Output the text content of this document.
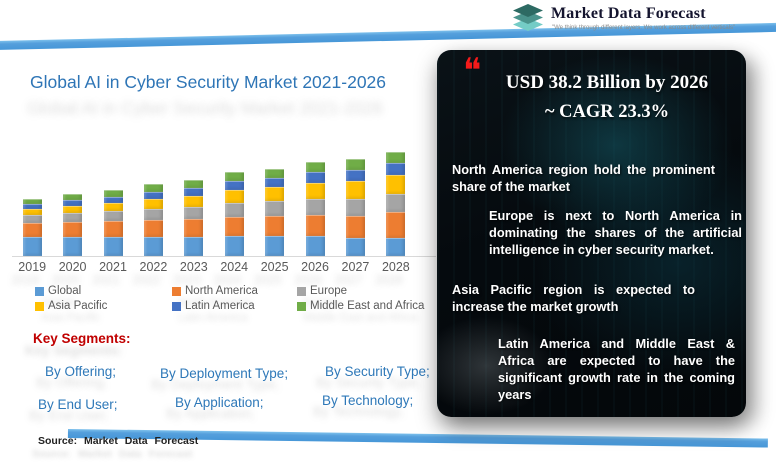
Market Data Forecast
"We think through different layers. We work across different verticals"
Global AI in Cyber Security Market 2021-2026
2019	2020	2021	2022	2023	2024	2025	2026	2027	2028
Global	North America	Europe
Asia Pacific	Latin America	Middle East and Africa
Key Segments:
By Offering;	By Deployment Type;	By Security Type;
By End User;	By Application;	By Technology;
Source: Market Data Forecast
❝	USD 38.2 Billion by 2026
~ CAGR 23.3%
North America region hold the prominent share of the market
Europe is next to North America in dominating the shares of the artificial intelligence in cyber security market.
Asia Pacific region is expected to increase the market growth
Latin America and Middle East & Africa are expected to have the significant growth rate in the coming years
